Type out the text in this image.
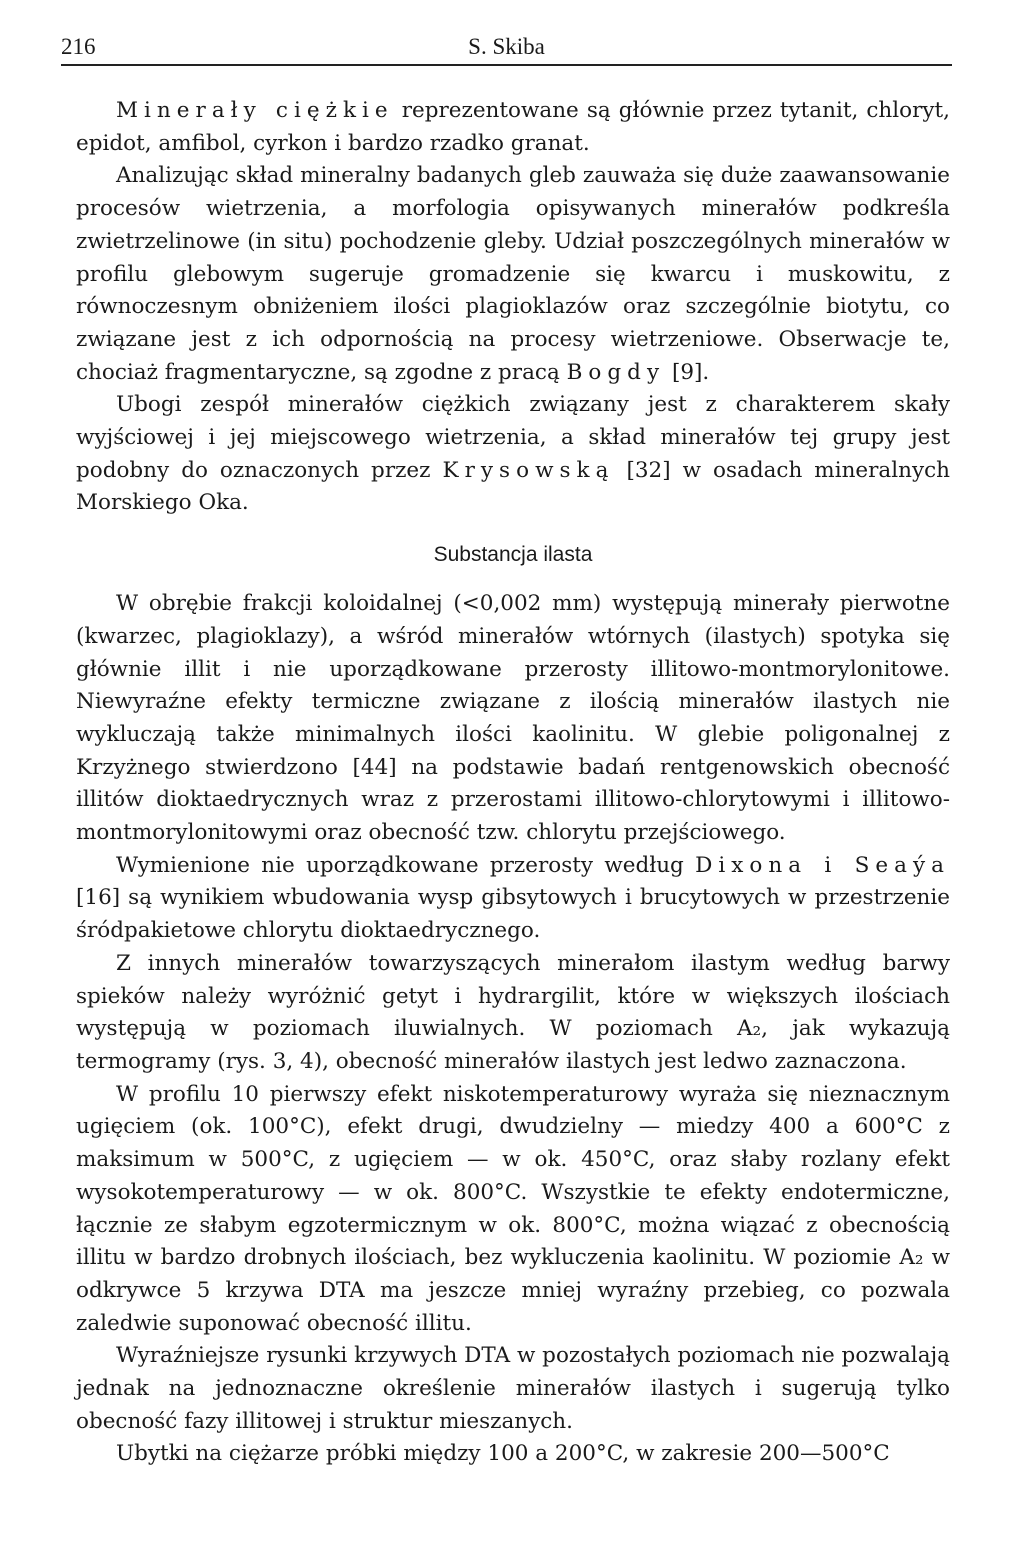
216	S. Skiba

Minerały ciężkie reprezentowane są głównie przez tytanit, chloryt, epidot, amfibol, cyrkon i bardzo rzadko granat.

Analizując skład mineralny badanych gleb zauważa się duże zaawansowanie procesów wietrzenia, a morfologia opisywanych minerałów podkreśla zwietrzelinowe (in situ) pochodzenie gleby. Udział poszczególnych minerałów w profilu glebowym sugeruje gromadzenie się kwarcu i muskowitu, z równoczesnym obniżeniem ilości plagioklazów oraz szczególnie biotytu, co związane jest z ich odpornością na procesy wietrzeniowe. Obserwacje te, chociaż fragmentaryczne, są zgodne z pracą Bogdy [9].

Ubogi zespół minerałów ciężkich związany jest z charakterem skały wyjściowej i jej miejscowego wietrzenia, a skład minerałów tej grupy jest podobny do oznaczonych przez Krysowską [32] w osadach mineralnych Morskiego Oka.

Substancja ilasta

W obrębie frakcji koloidalnej (<0,002 mm) występują minerały pierwotne (kwarzec, plagioklazy), a wśród minerałów wtórnych (ilastych) spotyka się głównie illit i nie uporządkowane przerosty illitowo-montmorylonitowe. Niewyraźne efekty termiczne związane z ilością minerałów ilastych nie wykluczają także minimalnych ilości kaolinitu. W glebie poligonalnej z Krzyżnego stwierdzono [44] na podstawie badań rentgenowskich obecność illitów dioktaedrycznych wraz z przerostami illitowo-chlorytowymi i illitowo-montmorylonitowymi oraz obecność tzw. chlorytu przejściowego.

Wymienione nie uporządkowane przerosty według Dixona i Seaýa [16] są wynikiem wbudowania wysp gibsytowych i brucytowych w przestrzenie śródpakietowe chlorytu dioktaedrycznego.

Z innych minerałów towarzyszących minerałom ilastym według barwy spieków należy wyróżnić getyt i hydrargilit, które w większych ilościach występują w poziomach iluwialnych. W poziomach A₂, jak wykazują termogramy (rys. 3, 4), obecność minerałów ilastych jest ledwo zaznaczona.

W profilu 10 pierwszy efekt niskotemperaturowy wyraża się nieznacznym ugięciem (ok. 100°C), efekt drugi, dwudzielny — miedzy 400 a 600°C z maksimum w 500°C, z ugięciem — w ok. 450°C, oraz słaby rozlany efekt wysokotemperaturowy — w ok. 800°C. Wszystkie te efekty endotermiczne, łącznie ze słabym egzotermicznym w ok. 800°C, można wiązać z obecnością illitu w bardzo drobnych ilościach, bez wykluczenia kaolinitu. W poziomie A₂ w odkrywce 5 krzywa DTA ma jeszcze mniej wyraźny przebieg, co pozwala zaledwie suponować obecność illitu.

Wyraźniejsze rysunki krzywych DTA w pozostałych poziomach nie pozwalają jednak na jednoznaczne określenie minerałów ilastych i sugerują tylko obecność fazy illitowej i struktur mieszanych.

Ubytki na ciężarze próbki między 100 a 200°C, w zakresie 200—500°C
